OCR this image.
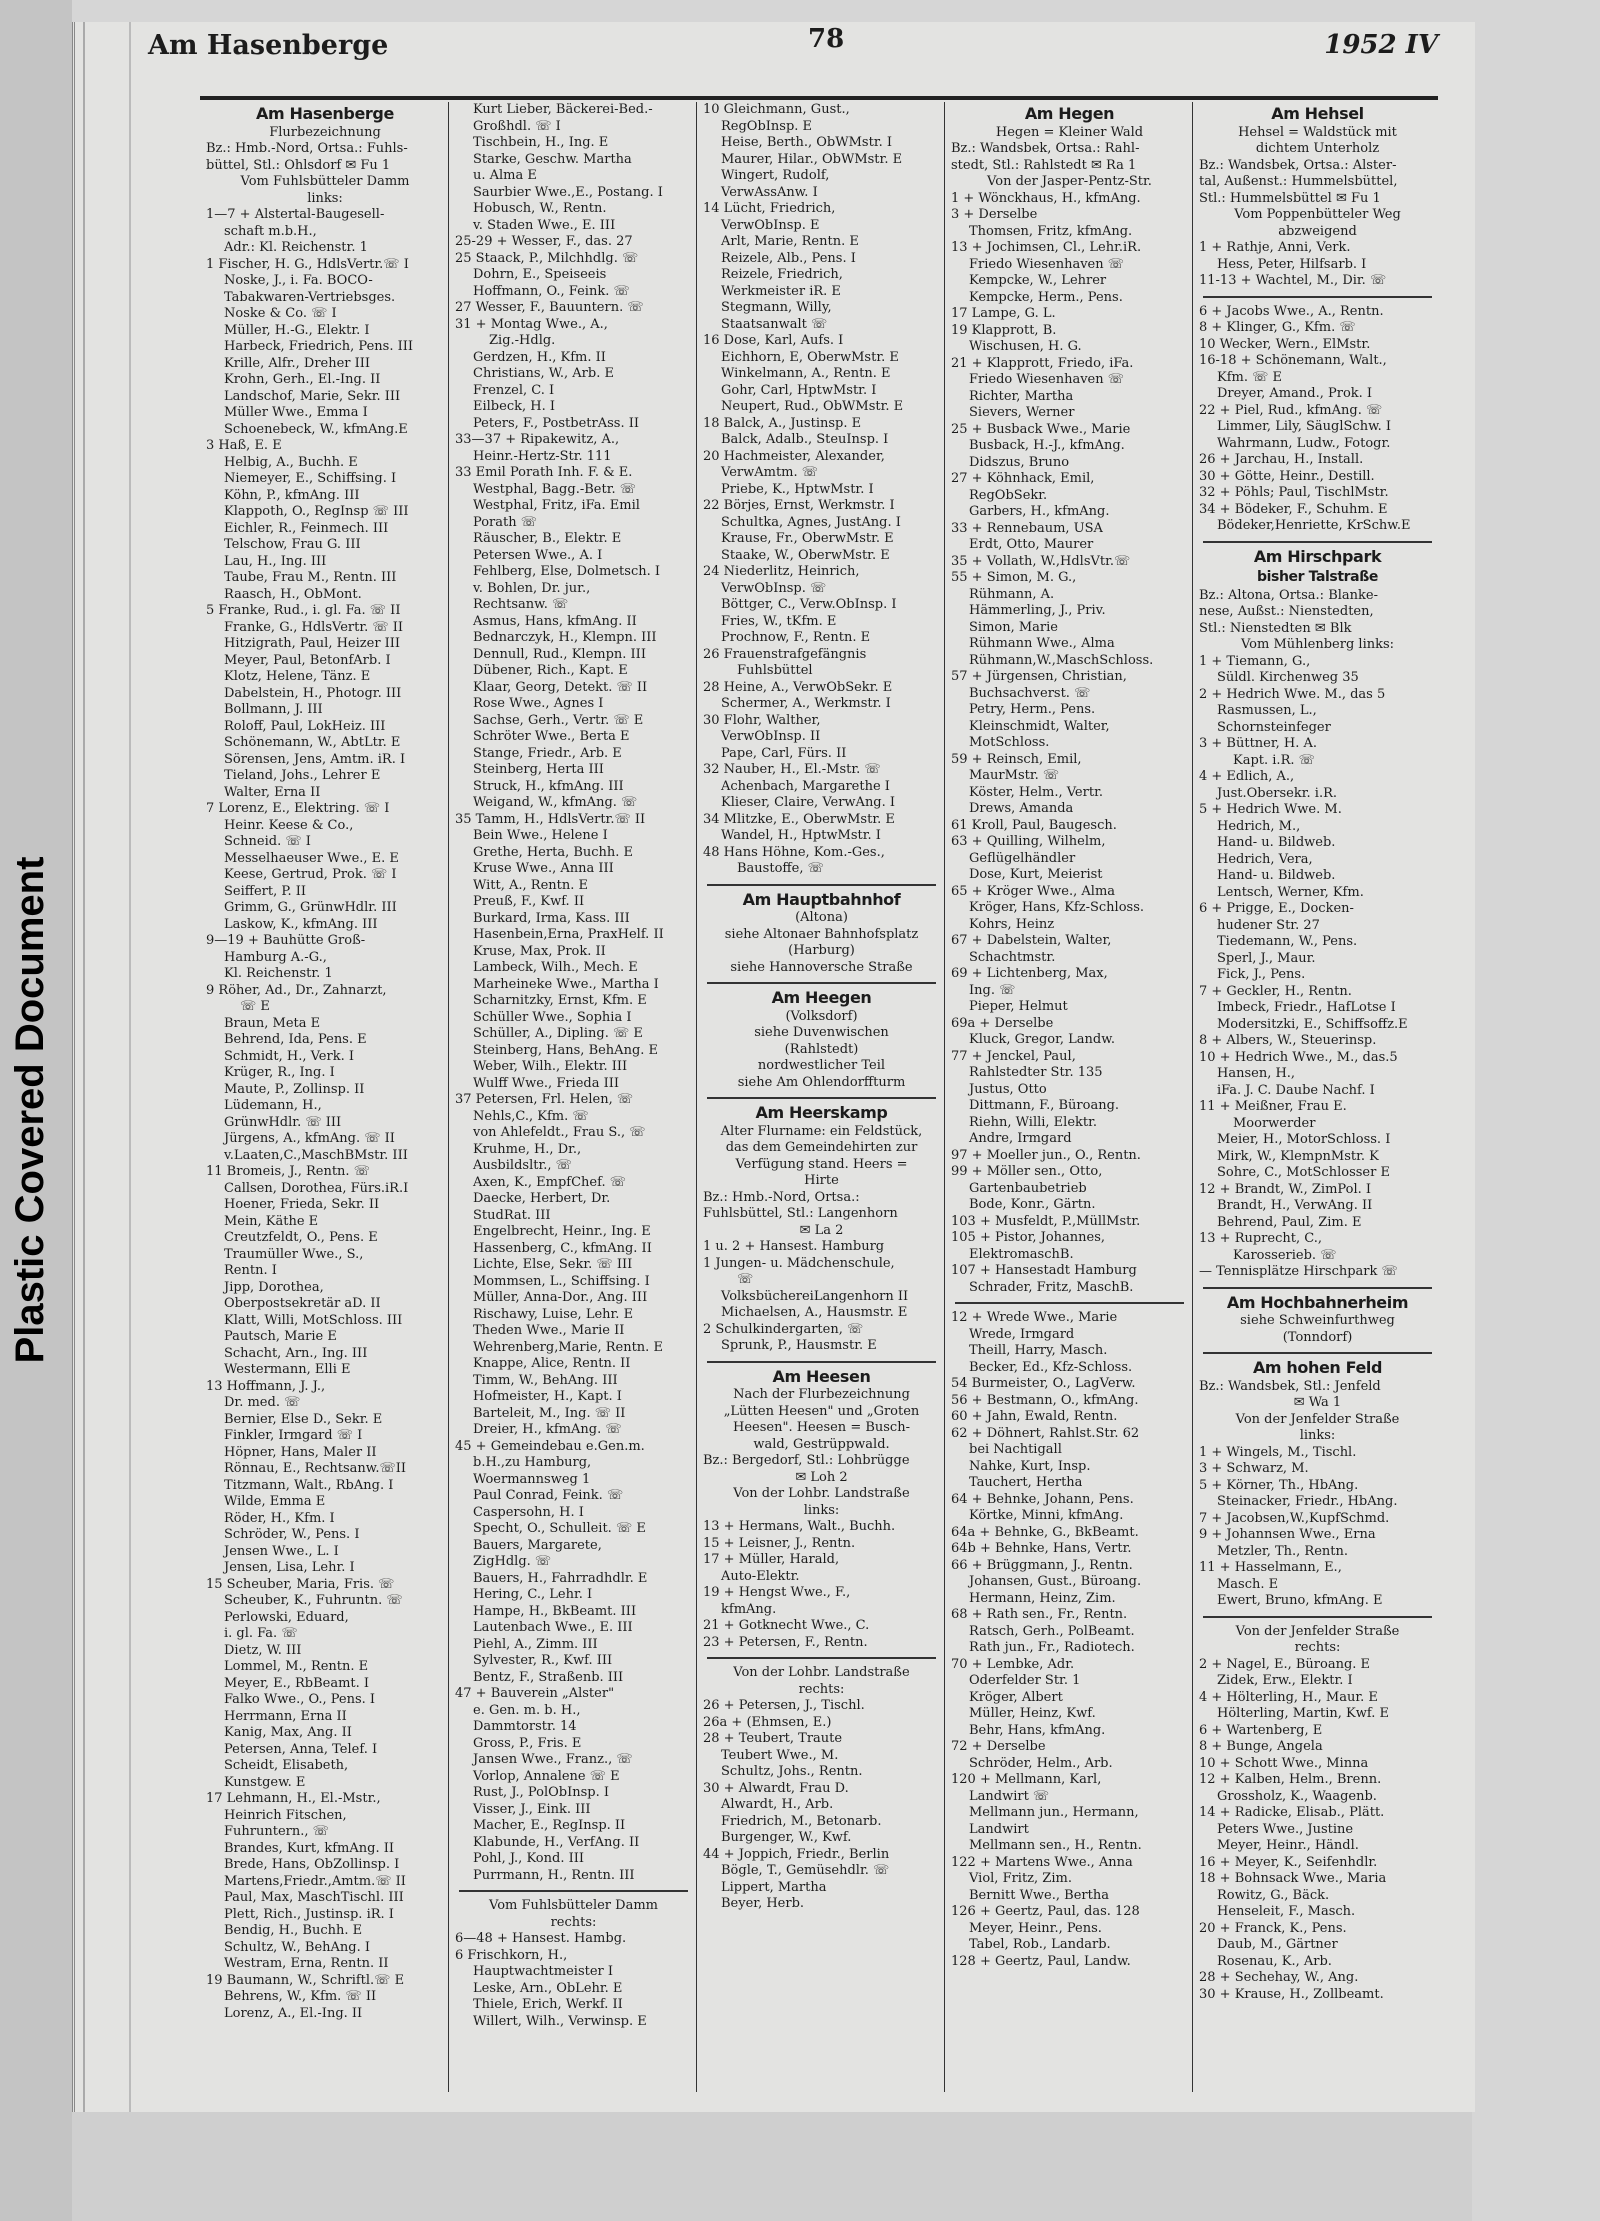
Plastic Covered Document
Am Hasenberge	78	1952 IV
Am Hasenberge
Flurbezeichnung
Bz.: Hmb.-Nord, Ortsa.: Fuhls-
büttel, Stl.: Ohlsdorf ✉ Fu 1
Vom Fuhlsbütteler Damm
links:
1—7 + Alstertal-Baugesell-
schaft m.b.H.,
Adr.: Kl. Reichenstr. 1
1 Fischer, H. G., HdlsVertr.☏ I
Noske, J., i. Fa. BOCO-
Tabakwaren-Vertriebsges.
Noske & Co. ☏ I
Müller, H.-G., Elektr. I
Harbeck, Friedrich, Pens. III
Krille, Alfr., Dreher III
Krohn, Gerh., El.-Ing. II
Landschof, Marie, Sekr. III
Müller Wwe., Emma I
Schoenebeck, W., kfmAng.E
3 Haß, E. E
Helbig, A., Buchh. E
Niemeyer, E., Schiffsing. I
Köhn, P., kfmAng. III
Klappoth, O., RegInsp ☏ III
Eichler, R., Feinmech. III
Telschow, Frau G. III
Lau, H., Ing. III
Taube, Frau M., Rentn. III
Raasch, H., ObMont.
5 Franke, Rud., i. gl. Fa. ☏ II
Franke, G., HdlsVertr. ☏ II
Hitzigrath, Paul, Heizer III
Meyer, Paul, BetonfArb. I
Klotz, Helene, Tänz. E
Dabelstein, H., Photogr. III
Bollmann, J. III
Roloff, Paul, LokHeiz. III
Schönemann, W., AbtLtr. E
Sörensen, Jens, Amtm. iR. I
Tieland, Johs., Lehrer E
Walter, Erna II
7 Lorenz, E., Elektring. ☏ I
Heinr. Keese & Co.,
Schneid. ☏ I
Messelhaeuser Wwe., E. E
Keese, Gertrud, Prok. ☏ I
Seiffert, P. II
Grimm, G., GrünwHdlr. III
Laskow, K., kfmAng. III
9—19 + Bauhütte Groß-
Hamburg A.-G.,
Kl. Reichenstr. 1
9 Röher, Ad., Dr., Zahnarzt,
☏ E
Braun, Meta E
Behrend, Ida, Pens. E
Schmidt, H., Verk. I
Krüger, R., Ing. I
Maute, P., Zollinsp. II
Lüdemann, H.,
GrünwHdlr. ☏ III
Jürgens, A., kfmAng. ☏ II
v.Laaten,C.,MaschBMstr. III
11 Bromeis, J., Rentn. ☏
Callsen, Dorothea, Fürs.iR.I
Hoener, Frieda, Sekr. II
Mein, Käthe E
Creutzfeldt, O., Pens. E
Traumüller Wwe., S.,
Rentn. I
Jipp, Dorothea,
Oberpostsekretär aD. II
Klatt, Willi, MotSchloss. III
Pautsch, Marie E
Schacht, Arn., Ing. III
Westermann, Elli E
13 Hoffmann, J. J.,
Dr. med. ☏
Bernier, Else D., Sekr. E
Finkler, Irmgard ☏ I
Höpner, Hans, Maler II
Rönnau, E., Rechtsanw.☏II
Titzmann, Walt., RbAng. I
Wilde, Emma E
Röder, H., Kfm. I
Schröder, W., Pens. I
Jensen Wwe., L. I
Jensen, Lisa, Lehr. I
15 Scheuber, Maria, Fris. ☏
Scheuber, K., Fuhruntn. ☏
Perlowski, Eduard,
i. gl. Fa. ☏
Dietz, W. III
Lommel, M., Rentn. E
Meyer, E., RbBeamt. I
Falko Wwe., O., Pens. I
Herrmann, Erna II
Kanig, Max, Ang. II
Petersen, Anna, Telef. I
Scheidt, Elisabeth,
Kunstgew. E
17 Lehmann, H., El.-Mstr.,
Heinrich Fitschen,
Fuhruntern., ☏
Brandes, Kurt, kfmAng. II
Brede, Hans, ObZollinsp. I
Martens,Friedr.,Amtm.☏ II
Paul, Max, MaschTischl. III
Plett, Rich., Justinsp. iR. I
Bendig, H., Buchh. E
Schultz, W., BehAng. I
Westram, Erna, Rentn. II
19 Baumann, W., Schriftl.☏ E
Behrens, W., Kfm. ☏ II
Lorenz, A., El.-Ing. II
Kurt Lieber, Bäckerei-Bed.-
Großhdl. ☏ I
Tischbein, H., Ing. E
Starke, Geschw. Martha
u. Alma E
Saurbier Wwe.,E., Postang. I
Hobusch, W., Rentn.
v. Staden Wwe., E. III
25-29 + Wesser, F., das. 27
25 Staack, P., Milchhdlg. ☏
Dohrn, E., Speiseeis
Hoffmann, O., Feink. ☏
27 Wesser, F., Bauuntern. ☏
31 + Montag Wwe., A.,
Zig.-Hdlg.
Gerdzen, H., Kfm. II
Christians, W., Arb. E
Frenzel, C. I
Eilbeck, H. I
Peters, F., PostbetrAss. II
33—37 + Ripakewitz, A.,
Heinr.-Hertz-Str. 111
33 Emil Porath Inh. F. & E.
Westphal, Bagg.-Betr. ☏
Westphal, Fritz, iFa. Emil
Porath ☏
Räuscher, B., Elektr. E
Petersen Wwe., A. I
Fehlberg, Else, Dolmetsch. I
v. Bohlen, Dr. jur.,
Rechtsanw. ☏
Asmus, Hans, kfmAng. II
Bednarczyk, H., Klempn. III
Dennull, Rud., Klempn. III
Dübener, Rich., Kapt. E
Klaar, Georg, Detekt. ☏ II
Rose Wwe., Agnes I
Sachse, Gerh., Vertr. ☏ E
Schröter Wwe., Berta E
Stange, Friedr., Arb. E
Steinberg, Herta III
Struck, H., kfmAng. III
Weigand, W., kfmAng. ☏
35 Tamm, H., HdlsVertr.☏ II
Bein Wwe., Helene I
Grethe, Herta, Buchh. E
Kruse Wwe., Anna III
Witt, A., Rentn. E
Preuß, F., Kwf. II
Burkard, Irma, Kass. III
Hasenbein,Erna, PraxHelf. II
Kruse, Max, Prok. II
Lambeck, Wilh., Mech. E
Marheineke Wwe., Martha I
Scharnitzky, Ernst, Kfm. E
Schüller Wwe., Sophia I
Schüller, A., Dipling. ☏ E
Steinberg, Hans, BehAng. E
Weber, Wilh., Elektr. III
Wulff Wwe., Frieda III
37 Petersen, Frl. Helen, ☏
Nehls,C., Kfm. ☏
von Ahlefeldt., Frau S., ☏
Kruhme, H., Dr.,
Ausbildsltr., ☏
Axen, K., EmpfChef. ☏
Daecke, Herbert, Dr.
StudRat. III
Engelbrecht, Heinr., Ing. E
Hassenberg, C., kfmAng. II
Lichte, Else, Sekr. ☏ III
Mommsen, L., Schiffsing. I
Müller, Anna-Dor., Ang. III
Rischawy, Luise, Lehr. E
Theden Wwe., Marie II
Wehrenberg,Marie, Rentn. E
Knappe, Alice, Rentn. II
Timm, W., BehAng. III
Hofmeister, H., Kapt. I
Barteleit, M., Ing. ☏ II
Dreier, H., kfmAng. ☏
45 + Gemeindebau e.Gen.m.
b.H.,zu Hamburg,
Woermannsweg 1
Paul Conrad, Feink. ☏
Caspersohn, H. I
Specht, O., Schulleit. ☏ E
Bauers, Margarete,
ZigHdlg. ☏
Bauers, H., Fahrradhdlr. E
Hering, C., Lehr. I
Hampe, H., BkBeamt. III
Lautenbach Wwe., E. III
Piehl, A., Zimm. III
Sylvester, R., Kwf. III
Bentz, F., Straßenb. III
47 + Bauverein „Alster"
e. Gen. m. b. H.,
Dammtorstr. 14
Gross, P., Fris. E
Jansen Wwe., Franz., ☏
Vorlop, Annalene ☏ E
Rust, J., PolObInsp. I
Visser, J., Eink. III
Macher, E., RegInsp. II
Klabunde, H., VerfAng. II
Pohl, J., Kond. III
Purrmann, H., Rentn. III
Vom Fuhlsbütteler Damm
rechts:
6—48 + Hansest. Hambg.
6 Frischkorn, H.,
Hauptwachtmeister I
Leske, Arn., ObLehr. E
Thiele, Erich, Werkf. II
Willert, Wilh., Verwinsp. E
10 Gleichmann, Gust.,
RegObInsp. E
Heise, Berth., ObWMstr. I
Maurer, Hilar., ObWMstr. E
Wingert, Rudolf,
VerwAssAnw. I
14 Lücht, Friedrich,
VerwObInsp. E
Arlt, Marie, Rentn. E
Reizele, Alb., Pens. I
Reizele, Friedrich,
Werkmeister iR. E
Stegmann, Willy,
Staatsanwalt ☏
16 Dose, Karl, Aufs. I
Eichhorn, E, OberwMstr. E
Winkelmann, A., Rentn. E
Gohr, Carl, HptwMstr. I
Neupert, Rud., ObWMstr. E
18 Balck, A., Justinsp. E
Balck, Adalb., SteuInsp. I
20 Hachmeister, Alexander,
VerwAmtm. ☏
Priebe, K., HptwMstr. I
22 Börjes, Ernst, Werkmstr. I
Schultka, Agnes, JustAng. I
Krause, Fr., OberwMstr. E
Staake, W., OberwMstr. E
24 Niederlitz, Heinrich,
VerwObInsp. ☏
Böttger, C., Verw.ObInsp. I
Fries, W., tKfm. E
Prochnow, F., Rentn. E
26 Frauenstrafgefängnis
Fuhlsbüttel
28 Heine, A., VerwObSekr. E
Schermer, A., Werkmstr. I
30 Flohr, Walther,
VerwObInsp. II
Pape, Carl, Fürs. II
32 Nauber, H., El.-Mstr. ☏
Achenbach, Margarethe I
Klieser, Claire, VerwAng. I
34 Mlitzke, E., OberwMstr. E
Wandel, H., HptwMstr. I
48 Hans Höhne, Kom.-Ges.,
Baustoffe, ☏
Am Hauptbahnhof
(Altona)
siehe Altonaer Bahnhofsplatz
(Harburg)
siehe Hannoversche Straße
Am Heegen
(Volksdorf)
siehe Duvenwischen
(Rahlstedt)
nordwestlicher Teil
siehe Am Ohlendorffturm
Am Heerskamp
Alter Flurname: ein Feldstück,
das dem Gemeindehirten zur
Verfügung stand. Heers =
Hirte
Bz.: Hmb.-Nord, Ortsa.:
Fuhlsbüttel, Stl.: Langenhorn
✉ La 2
1 u. 2 + Hansest. Hamburg
1 Jungen- u. Mädchenschule,
☏
VolksbüchereiLangenhorn II
Michaelsen, A., Hausmstr. E
2 Schulkindergarten, ☏
Sprunk, P., Hausmstr. E
Am Heesen
Nach der Flurbezeichnung
„Lütten Heesen" und „Groten
Heesen". Heesen = Busch-
wald, Gestrüppwald.
Bz.: Bergedorf, Stl.: Lohbrügge
✉ Loh 2
Von der Lohbr. Landstraße
links:
13 + Hermans, Walt., Buchh.
15 + Leisner, J., Rentn.
17 + Müller, Harald,
Auto-Elektr.
19 + Hengst Wwe., F.,
kfmAng.
21 + Gotknecht Wwe., C.
23 + Petersen, F., Rentn.
Von der Lohbr. Landstraße
rechts:
26 + Petersen, J., Tischl.
26a + (Ehmsen, E.)
28 + Teubert, Traute
Teubert Wwe., M.
Schultz, Johs., Rentn.
30 + Alwardt, Frau D.
Alwardt, H., Arb.
Friedrich, M., Betonarb.
Burgenger, W., Kwf.
44 + Joppich, Friedr., Berlin
Bögle, T., Gemüsehdlr. ☏
Lippert, Martha
Beyer, Herb.
Am Hegen
Hegen = Kleiner Wald
Bz.: Wandsbek, Ortsa.: Rahl-
stedt, Stl.: Rahlstedt ✉ Ra 1
Von der Jasper-Pentz-Str.
1 + Wönckhaus, H., kfmAng.
3 + Derselbe
Thomsen, Fritz, kfmAng.
13 + Jochimsen, Cl., Lehr.iR.
Friedo Wiesenhaven ☏
Kempcke, W., Lehrer
Kempcke, Herm., Pens.
17 Lampe, G. L.
19 Klapprott, B.
Wischusen, H. G.
21 + Klapprott, Friedo, iFa.
Friedo Wiesenhaven ☏
Richter, Martha
Sievers, Werner
25 + Busback Wwe., Marie
Busback, H.-J., kfmAng.
Didszus, Bruno
27 + Köhnhack, Emil,
RegObSekr.
Garbers, H., kfmAng.
33 + Rennebaum, USA
Erdt, Otto, Maurer
35 + Vollath, W.,HdlsVtr.☏
55 + Simon, M. G.,
Rühmann, A.
Hämmerling, J., Priv.
Simon, Marie
Rühmann Wwe., Alma
Rühmann,W.,MaschSchloss.
57 + Jürgensen, Christian,
Buchsachverst. ☏
Petry, Herm., Pens.
Kleinschmidt, Walter,
MotSchloss.
59 + Reinsch, Emil,
MaurMstr. ☏
Köster, Helm., Vertr.
Drews, Amanda
61 Kroll, Paul, Baugesch.
63 + Quilling, Wilhelm,
Geflügelhändler
Dose, Kurt, Meierist
65 + Kröger Wwe., Alma
Kröger, Hans, Kfz-Schloss.
Kohrs, Heinz
67 + Dabelstein, Walter,
Schachtmstr.
69 + Lichtenberg, Max,
Ing. ☏
Pieper, Helmut
69a + Derselbe
Kluck, Gregor, Landw.
77 + Jenckel, Paul,
Rahlstedter Str. 135
Justus, Otto
Dittmann, F., Büroang.
Riehn, Willi, Elektr.
Andre, Irmgard
97 + Moeller jun., O., Rentn.
99 + Möller sen., Otto,
Gartenbaubetrieb
Bode, Konr., Gärtn.
103 + Musfeldt, P.,MüllMstr.
105 + Pistor, Johannes,
ElektromaschB.
107 + Hansestadt Hamburg
Schrader, Fritz, MaschB.
12 + Wrede Wwe., Marie
Wrede, Irmgard
Theill, Harry, Masch.
Becker, Ed., Kfz-Schloss.
54 Burmeister, O., LagVerw.
56 + Bestmann, O., kfmAng.
60 + Jahn, Ewald, Rentn.
62 + Döhnert, Rahlst.Str. 62
bei Nachtigall
Nahke, Kurt, Insp.
Tauchert, Hertha
64 + Behnke, Johann, Pens.
Körtke, Minni, kfmAng.
64a + Behnke, G., BkBeamt.
64b + Behnke, Hans, Vertr.
66 + Brüggmann, J., Rentn.
Johansen, Gust., Büroang.
Hermann, Heinz, Zim.
68 + Rath sen., Fr., Rentn.
Ratsch, Gerh., PolBeamt.
Rath jun., Fr., Radiotech.
70 + Lembke, Adr.
Oderfelder Str. 1
Kröger, Albert
Müller, Heinz, Kwf.
Behr, Hans, kfmAng.
72 + Derselbe
Schröder, Helm., Arb.
120 + Mellmann, Karl,
Landwirt ☏
Mellmann jun., Hermann,
Landwirt
Mellmann sen., H., Rentn.
122 + Martens Wwe., Anna
Viol, Fritz, Zim.
Bernitt Wwe., Bertha
126 + Geertz, Paul, das. 128
Meyer, Heinr., Pens.
Tabel, Rob., Landarb.
128 + Geertz, Paul, Landw.
Am Hehsel
Hehsel = Waldstück mit
dichtem Unterholz
Bz.: Wandsbek, Ortsa.: Alster-
tal, Außenst.: Hummelsbüttel,
Stl.: Hummelsbüttel ✉ Fu 1
Vom Poppenbütteler Weg
abzweigend
1 + Rathje, Anni, Verk.
Hess, Peter, Hilfsarb. I
11-13 + Wachtel, M., Dir. ☏
6 + Jacobs Wwe., A., Rentn.
8 + Klinger, G., Kfm. ☏
10 Wecker, Wern., ElMstr.
16-18 + Schönemann, Walt.,
Kfm. ☏ E
Dreyer, Amand., Prok. I
22 + Piel, Rud., kfmAng. ☏
Limmer, Lily, SäuglSchw. I
Wahrmann, Ludw., Fotogr.
26 + Jarchau, H., Install.
30 + Götte, Heinr., Destill.
32 + Pöhls; Paul, TischlMstr.
34 + Bödeker, F., Schuhm. E
Bödeker,Henriette, KrSchw.E
Am Hirschpark
bisher Talstraße
Bz.: Altona, Ortsa.: Blanke-
nese, Außst.: Nienstedten,
Stl.: Nienstedten ✉ Blk
Vom Mühlenberg links:
1 + Tiemann, G.,
Süldl. Kirchenweg 35
2 + Hedrich Wwe. M., das 5
Rasmussen, L.,
Schornsteinfeger
3 + Büttner, H. A.
Kapt. i.R. ☏
4 + Edlich, A.,
Just.Obersekr. i.R.
5 + Hedrich Wwe. M.
Hedrich, M.,
Hand- u. Bildweb.
Hedrich, Vera,
Hand- u. Bildweb.
Lentsch, Werner, Kfm.
6 + Prigge, E., Docken-
hudener Str. 27
Tiedemann, W., Pens.
Sperl, J., Maur.
Fick, J., Pens.
7 + Geckler, H., Rentn.
Imbeck, Friedr., HafLotse I
Modersitzki, E., Schiffsoffz.E
8 + Albers, W., Steuerinsp.
10 + Hedrich Wwe., M., das.5
Hansen, H.,
iFa. J. C. Daube Nachf. I
11 + Meißner, Frau E.
Moorwerder
Meier, H., MotorSchloss. I
Mirk, W., KlempnMstr. K
Sohre, C., MotSchlosser E
12 + Brandt, W., ZimPol. I
Brandt, H., VerwAng. II
Behrend, Paul, Zim. E
13 + Ruprecht, C.,
Karosserieb. ☏
— Tennisplätze Hirschpark ☏
Am Hochbahnerheim
siehe Schweinfurthweg
(Tonndorf)
Am hohen Feld
Bz.: Wandsbek, Stl.: Jenfeld
✉ Wa 1
Von der Jenfelder Straße
links:
1 + Wingels, M., Tischl.
3 + Schwarz, M.
5 + Körner, Th., HbAng.
Steinacker, Friedr., HbAng.
7 + Jacobsen,W.,KupfSchmd.
9 + Johannsen Wwe., Erna
Metzler, Th., Rentn.
11 + Hasselmann, E.,
Masch. E
Ewert, Bruno, kfmAng. E
Von der Jenfelder Straße
rechts:
2 + Nagel, E., Büroang. E
Zidek, Erw., Elektr. I
4 + Hölterling, H., Maur. E
Hölterling, Martin, Kwf. E
6 + Wartenberg, E
8 + Bunge, Angela
10 + Schott Wwe., Minna
12 + Kalben, Helm., Brenn.
Grossholz, K., Waagenb.
14 + Radicke, Elisab., Plätt.
Peters Wwe., Justine
Meyer, Heinr., Händl.
16 + Meyer, K., Seifenhdlr.
18 + Bohnsack Wwe., Maria
Rowitz, G., Bäck.
Henseleit, F., Masch.
20 + Franck, K., Pens.
Daub, M., Gärtner
Rosenau, K., Arb.
28 + Sechehay, W., Ang.
30 + Krause, H., Zollbeamt.
